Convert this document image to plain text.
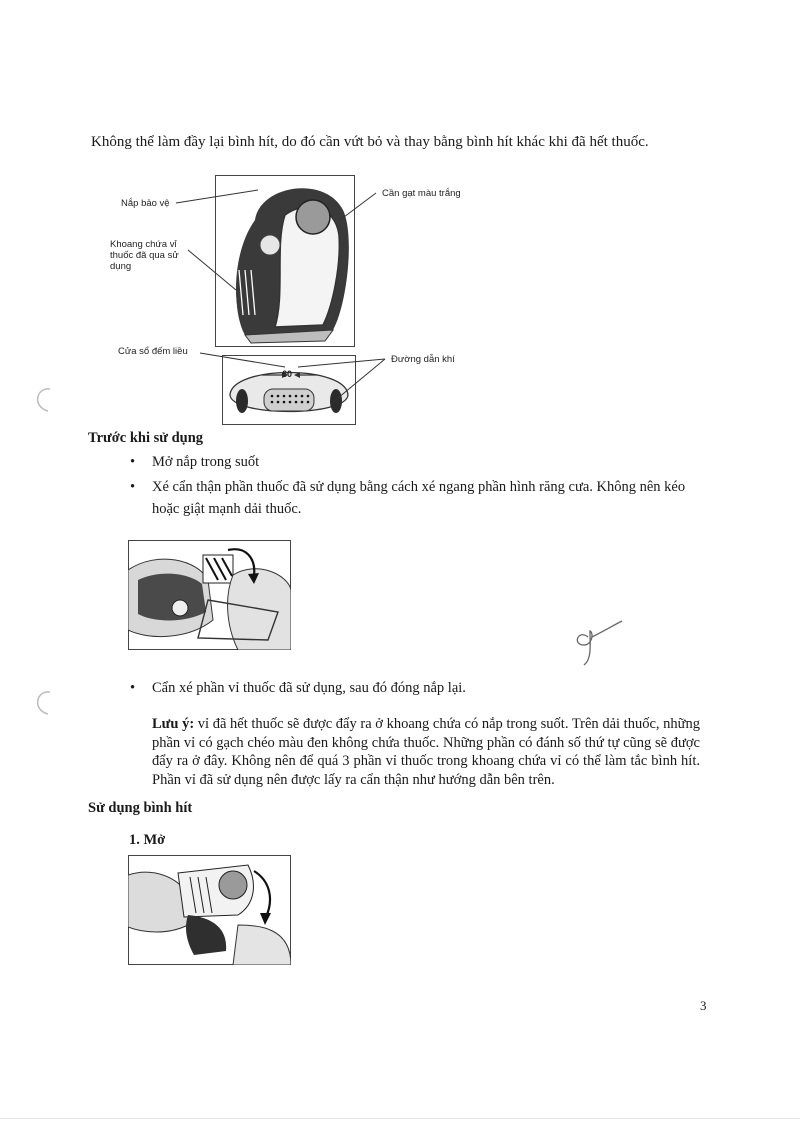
Không thể làm đầy lại bình hít, do đó cần vứt bỏ và thay bằng bình hít khác khi đã hết thuốc.
60
Nắp bảo vệ
Cần gạt màu trắng
Khoang chứa vỉ thuốc đã qua sử dụng
Cửa sổ đếm liều
Đường dẫn khí
Trước khi sử dụng
• Mở nắp trong suốt
• Xé cẩn thận phần thuốc đã sử dụng bằng cách xé ngang phần hình răng cưa. Không nên kéo hoặc giật mạnh dải thuốc.
• Cẩn xé phần vỉ thuốc đã sử dụng, sau đó đóng nắp lại.
Lưu ý: vỉ đã hết thuốc sẽ được đẩy ra ở khoang chứa có nắp trong suốt. Trên dải thuốc, những phần vỉ có gạch chéo màu đen không chứa thuốc. Những phần có đánh số thứ tự cũng sẽ được đẩy ra ở đây. Không nên để quá 3 phần vỉ thuốc trong khoang chứa vỉ có thể làm tắc bình hít. Phần vỉ đã sử dụng nên được lấy ra cẩn thận như hướng dẫn bên trên.
Sử dụng bình hít
1. Mở
3
